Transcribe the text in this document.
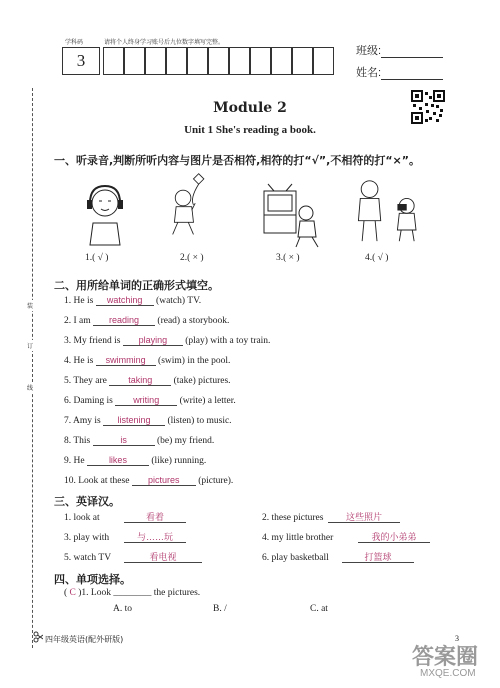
学科码	请将个人终身学习账号后九位数字填写完整。
3	班级:
姓名:
装
订
线
Module 2
Unit 1 She's reading a book.
一、听录音,判断所听内容与图片是否相符,相符的打“√”,不相符的打“×”。
1.( √ )	2.( × )	3.( × )	4.( √ )
二、用所给单词的正确形式填空。
1. He is watching (watch) TV.
2. I am reading (read) a storybook.
3. My friend is playing (play) with a toy train.
4. He is swimming (swim) in the pool.
5. They are taking (take) pictures.
6. Daming is writing (write) a letter.
7. Amy is listening (listen) to music.
8. This	is	(be) my friend.
9. He likes (like) running.
10. Look at these pictures (picture).
三、英译汉。
1. look at	看着	2. these pictures	这些照片
3. play with	与……玩	4. my little brother	我的小弟弟
5. watch TV	看电视	6. play basketball	打篮球
四、单项选择。
( C )1. Look ________ the pictures.
A. to	B. /	C. at
四年级英语(配外研版)	3
答案圈
MXQE.COM
